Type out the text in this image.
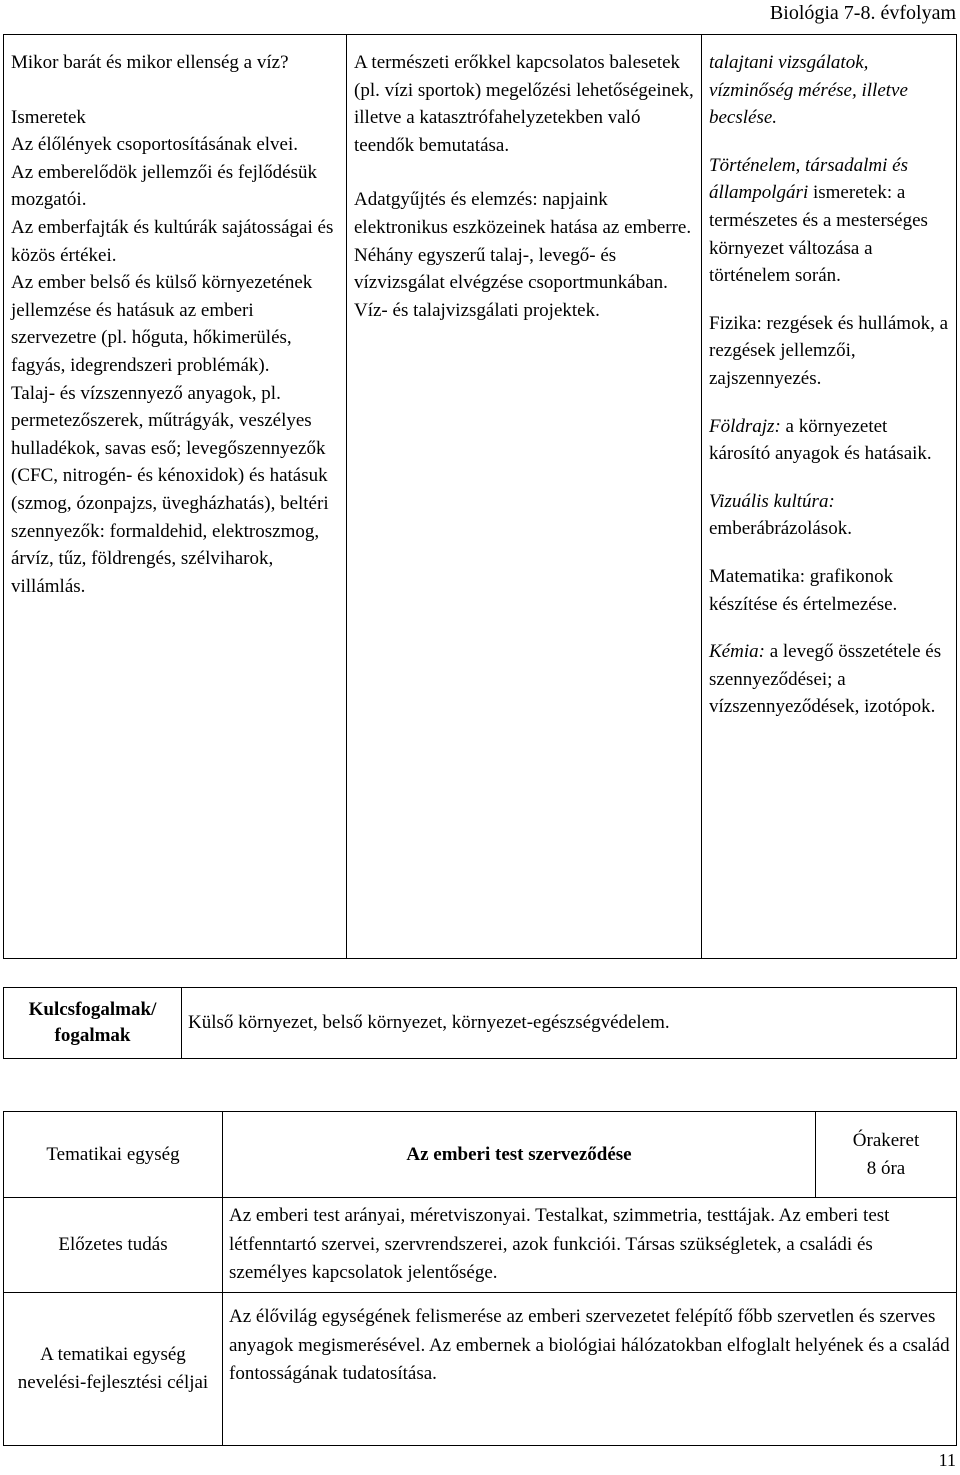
Biológia 7-8. évfolyam

Mikor barát és mikor ellenség a víz?

Ismeretek

Az élőlények csoportosításának elvei.

Az emberelődök jellemzői és fejlődésük mozgatói.

Az emberfajták és kultúrák sajátosságai és közös értékei.

Az ember belső és külső környezetének jellemzése és hatásuk az emberi szervezetre (pl. hőguta, hőkimerülés, fagyás, idegrendszeri problémák).

Talaj- és vízszennyező anyagok, pl. permetezőszerek, műtrágyák, veszélyes hulladékok, savas eső; levegőszennyezők (CFC, nitrogén- és kénoxidok) és hatásuk (szmog, ózonpajzs, üvegházhatás), beltéri szennyezők: formaldehid, elektroszmog, árvíz, tűz, földrengés, szélviharok, villámlás.

A természeti erőkkel kapcsolatos balesetek (pl. vízi sportok) megelőzési lehetőségeinek, illetve a katasztrófahelyzetekben való teendők bemutatása.

Adatgyűjtés és elemzés: napjaink elektronikus eszközeinek hatása az emberre.

Néhány egyszerű talaj-, levegő- és vízvizsgálat elvégzése csoportmunkában.

Víz- és talajvizsgálati projektek.

talajtani vizsgálatok, vízminőség mérése, illetve becslése.

Történelem, társadalmi és állampolgári ismeretek: a természetes és a mesterséges környezet változása a történelem során.

Fizika: rezgések és hullámok, a rezgések jellemzői, zajszennyezés.

Földrajz: a környezetet károsító anyagok és hatásaik.

Vizuális kultúra: emberábrázolások.

Matematika: grafikonok készítése és értelmezése.

Kémia: a levegő összetétele és szennyeződései; a vízszennyeződések, izotópok.

Kulcsfogalmak/ fogalmak	Külső környezet, belső környezet, környezet-egészségvédelem.
Tematikai egység	Az emberi test szerveződése	Órakeret
8 óra

Előzetes tudás	Az emberi test arányai, méretviszonyai. Testalkat, szimmetria, testtájak. Az emberi test létfenntartó szervei, szervrendszerei, azok funkciói. Társas szükségletek, a családi és személyes kapcsolatok jelentősége.	
A tematikai egység nevelési-fejlesztési céljai	Az élővilág egységének felismerése az emberi szervezetet felépítő főbb szervetlen és szerves anyagok megismerésével. Az embernek a biológiai hálózatokban elfoglalt helyének és a család fontosságának tudatosítása.	
11
